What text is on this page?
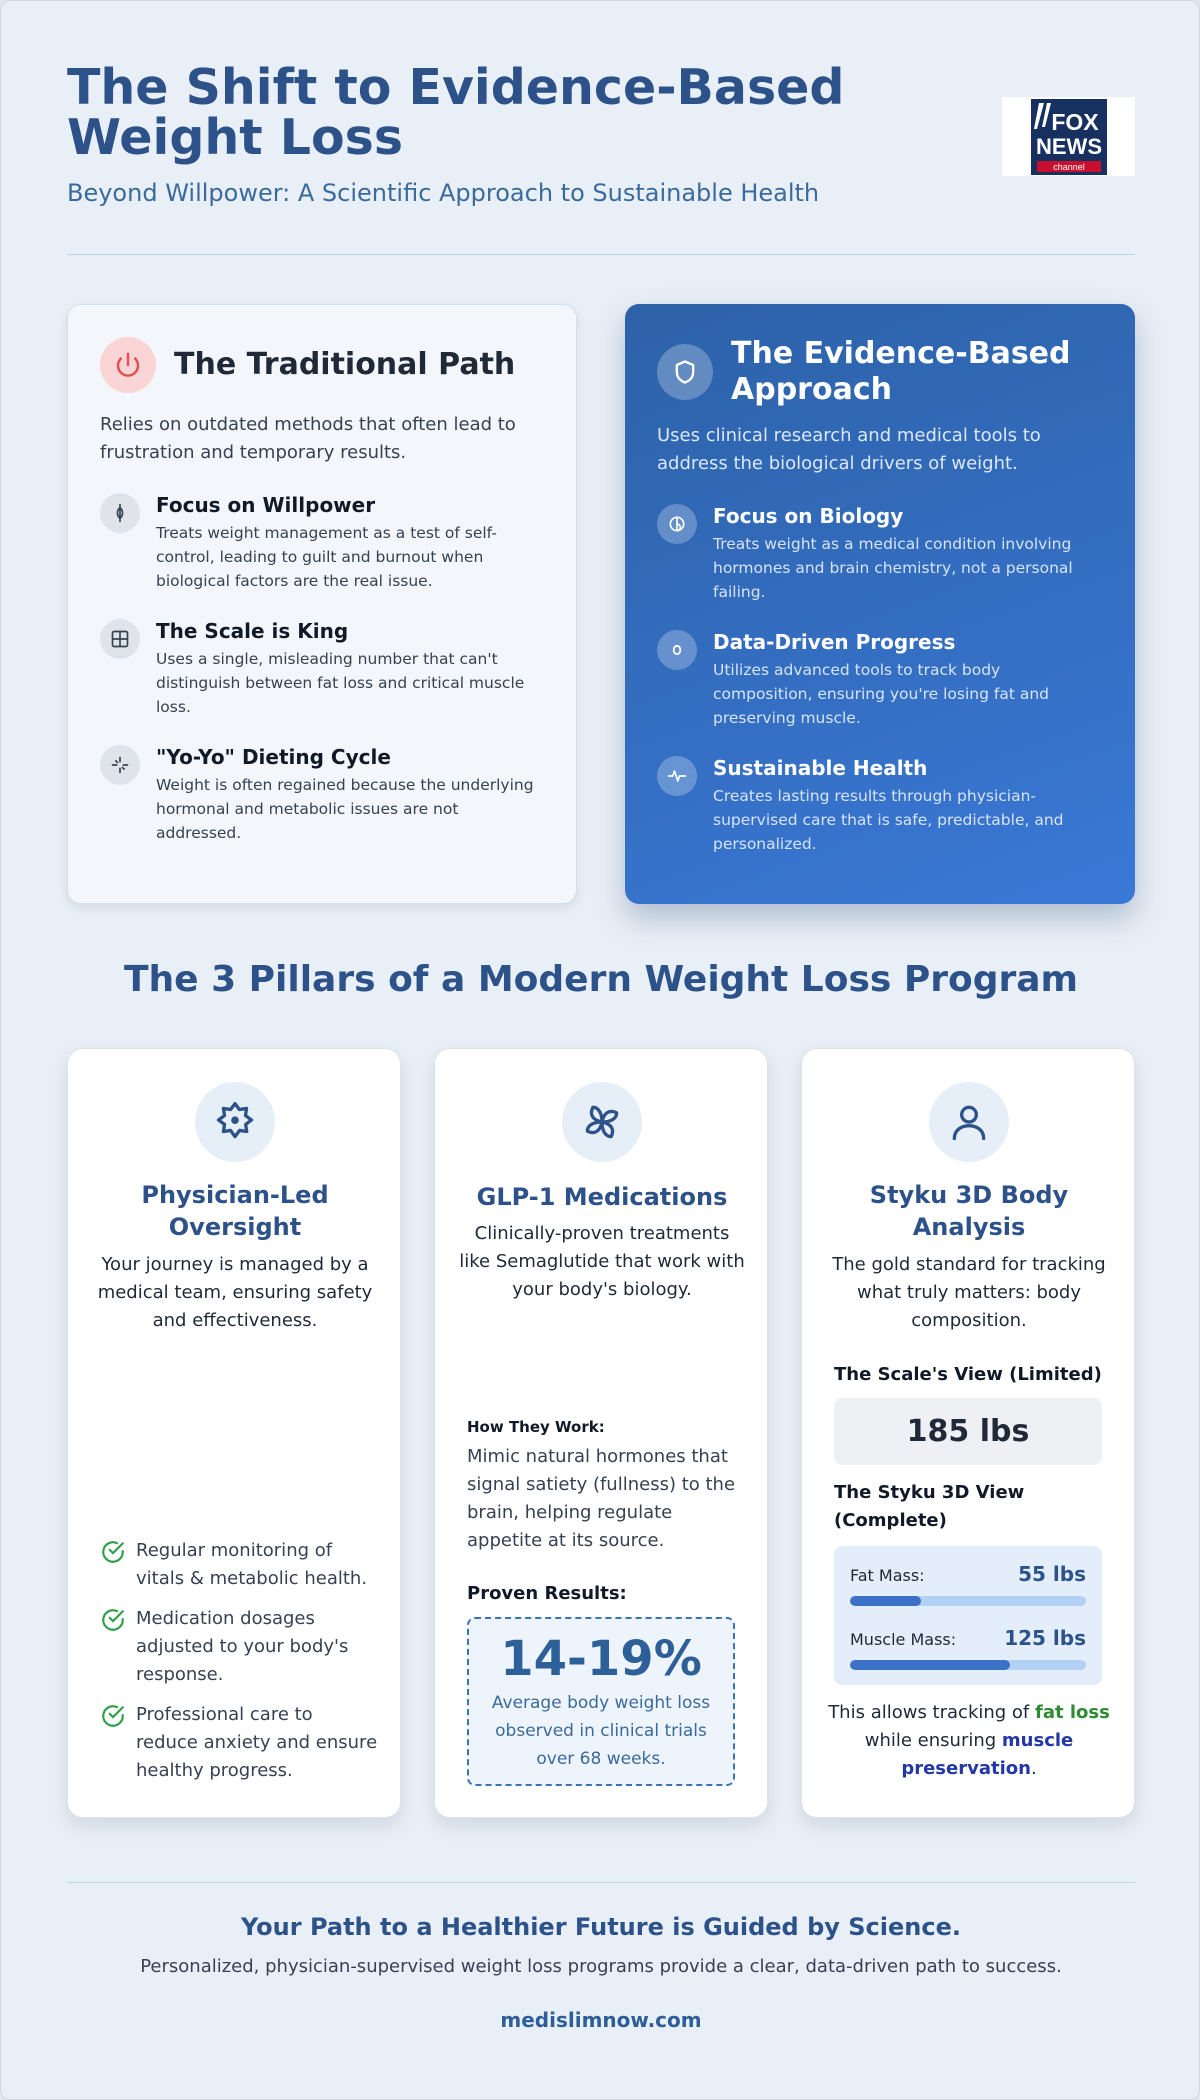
The Shift to Evidence-Based Weight Loss
Beyond Willpower: A Scientific Approach to Sustainable Health
FOX
NEWS
channel
The Traditional Path
Relies on outdated methods that often lead to frustration and temporary results.
Focus on Willpower
Treats weight management as a test of self-control, leading to guilt and burnout when biological factors are the real issue.
The Scale is King
Uses a single, misleading number that can't distinguish between fat loss and critical muscle loss.
"Yo-Yo" Dieting Cycle
Weight is often regained because the underlying hormonal and metabolic issues are not addressed.
The Evidence-Based Approach
Uses clinical research and medical tools to address the biological drivers of weight.
Focus on Biology
Treats weight as a medical condition involving hormones and brain chemistry, not a personal failing.
Data-Driven Progress
Utilizes advanced tools to track body composition, ensuring you're losing fat and preserving muscle.
Sustainable Health
Creates lasting results through physician-supervised care that is safe, predictable, and personalized.
The 3 Pillars of a Modern Weight Loss Program
Physician-Led Oversight
Your journey is managed by a medical team, ensuring safety and effectiveness.
Regular monitoring of vitals & metabolic health.
Medication dosages adjusted to your body's response.
Professional care to reduce anxiety and ensure healthy progress.
GLP-1 Medications
Clinically-proven treatments like Semaglutide that work with your body's biology.
How They Work:
Mimic natural hormones that signal satiety (fullness) to the brain, helping regulate appetite at its source.
Proven Results:
14-19%
Average body weight loss observed in clinical trials over 68 weeks.
Styku 3D Body Analysis
The gold standard for tracking what truly matters: body composition.
The Scale's View (Limited)
185 lbs
The Styku 3D View (Complete)
Fat Mass:	55 lbs
Muscle Mass: 125 lbs
This allows tracking of fat loss while ensuring muscle preservation.
Your Path to a Healthier Future is Guided by Science.
Personalized, physician-supervised weight loss programs provide a clear, data-driven path to success.
medislimnow.com
